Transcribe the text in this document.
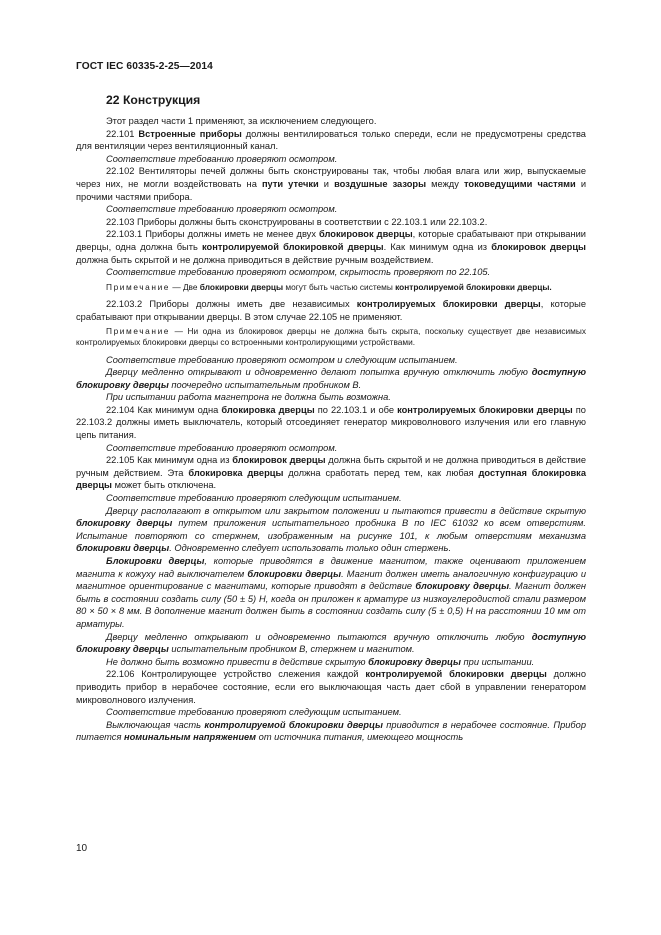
ГОСТ IEC 60335-2-25—2014
22 Конструкция

Этот раздел части 1 применяют, за исключением следующего.

22.101 Встроенные приборы должны вентилироваться только спереди, если не предусмотрены средства для вентиляции через вентиляционный канал.

Соответствие требованию проверяют осмотром.

22.102 Вентиляторы печей должны быть сконструированы так, чтобы любая влага или жир, выпускаемые через них, не могли воздействовать на пути утечки и воздушные зазоры между токоведущими частями и прочими частями прибора.

Соответствие требованию проверяют осмотром.

22.103 Приборы должны быть сконструированы в соответствии с 22.103.1 или 22.103.2.

22.103.1 Приборы должны иметь не менее двух блокировок дверцы, которые срабатывают при открывании дверцы, одна должна быть контролируемой блокировкой дверцы. Как минимум одна из блокировок дверцы должна быть скрытой и не должна приводиться в действие ручным воздействием.

Соответствие требованию проверяют осмотром, скрытость проверяют по 22.105.

Примечание — Две блокировки дверцы могут быть частью системы контролируемой блокировки дверцы.

22.103.2 Приборы должны иметь две независимых контролируемых блокировки дверцы, которые срабатывают при открывании дверцы. В этом случае 22.105 не применяют.

Примечание — Ни одна из блокировок дверцы не должна быть скрыта, поскольку существует две независимых контролируемых блокировки дверцы со встроенными контролирующими устройствами.

Соответствие требованию проверяют осмотром и следующим испытанием.

Дверцу медленно открывают и одновременно делают попытка вручную отключить любую доступную блокировку дверцы поочередно испытательным пробником B.

При испытании работа магнетрона не должна быть возможна.

22.104 Как минимум одна блокировка дверцы по 22.103.1 и обе контролируемых блокировки дверцы по 22.103.2 должны иметь выключатель, который отсоединяет генератор микроволнового излучения или его главную цепь питания.

Соответствие требованию проверяют осмотром.

22.105 Как минимум одна из блокировок дверцы должна быть скрытой и не должна приводиться в действие ручным действием. Эта блокировка дверцы должна сработать перед тем, как любая доступная блокировка дверцы может быть отключена.

Соответствие требованию проверяют следующим испытанием.

Дверцу располагают в открытом или закрытом положении и пытаются привести в действие скрытую блокировку дверцы путем приложения испытательного пробника B по IEC 61032 ко всем отверстиям. Испытание повторяют со стержнем, изображенным на рисунке 101, к любым отверстиям механизма блокировки дверцы. Одновременно следует использовать только один стержень.

Блокировки дверцы, которые приводятся в движение магнитом, также оценивают приложением магнита к кожуху над выключателем блокировки дверцы. Магнит должен иметь аналогичную конфигурацию и магнитное ориентирование с магнитами, которые приводят в действие блокировку дверцы. Магнит должен быть в состоянии создать силу (50 ± 5) Н, когда он приложен к арматуре из низкоуглеродистой стали размером 80 × 50 × 8 мм. В дополнение магнит должен быть в состоянии создать силу (5 ± 0,5) Н на расстоянии 10 мм от арматуры.

Дверцу медленно открывают и одновременно пытаются вручную отключить любую доступную блокировку дверцы испытательным пробником B, стержнем и магнитом.

Не должно быть возможно привести в действие скрытую блокировку дверцы при испытании.

22.106 Контролирующее устройство слежения каждой контролируемой блокировки дверцы должно приводить прибор в нерабочее состояние, если его выключающая часть дает сбой в управлении генератором микроволнового излучения.

Соответствие требованию проверяют следующим испытанием.

Выключающая часть контролируемой блокировки дверцы приводится в нерабочее состояние. Прибор питается номинальным напряжением от источника питания, имеющего мощность

10
